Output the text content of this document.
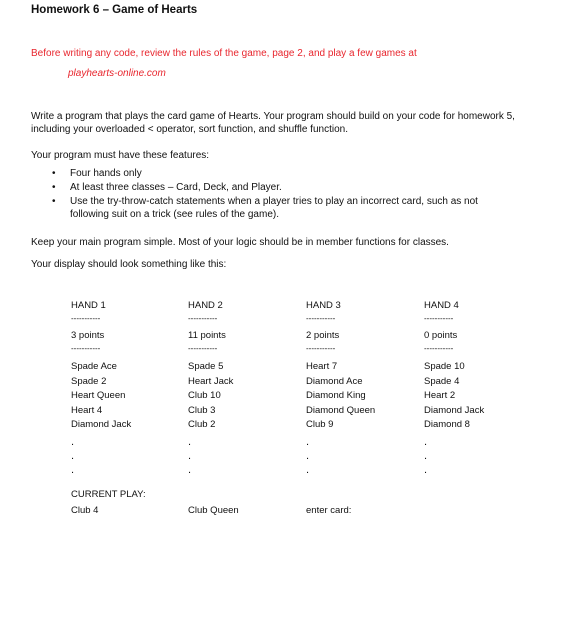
Homework 6 – Game of Hearts
Before writing any code, review the rules of the game, page 2, and play a few games at
playhearts-online.com
Write a program that plays the card game of Hearts. Your program should build on your code for homework 5, including your overloaded < operator, sort function, and shuffle function.
Your program must have these features:
• Four hands only
• At least three classes – Card, Deck, and Player.
• Use the try-throw-catch statements when a player tries to play an incorrect card, such as not following suit on a trick (see rules of the game).
Keep your main program simple. Most of your logic should be in member functions for classes.
Your display should look something like this:
HAND 1
-----------
3 points
-----------
Spade Ace
Spade 2
Heart Queen
Heart 4
Diamond Jack
.
.
.
HAND 2
-----------
11 points
-----------
Spade 5
Heart Jack
Club 10
Club 3
Club 2
.
.
.
HAND 3
-----------
2 points
-----------
Heart 7
Diamond Ace
Diamond King
Diamond Queen
Club 9
.
.
.
HAND 4
-----------
0 points
-----------
Spade 10
Spade 4
Heart 2
Diamond Jack
Diamond 8
.
.
.
CURRENT PLAY:
Club 4	Club Queen	enter card:
